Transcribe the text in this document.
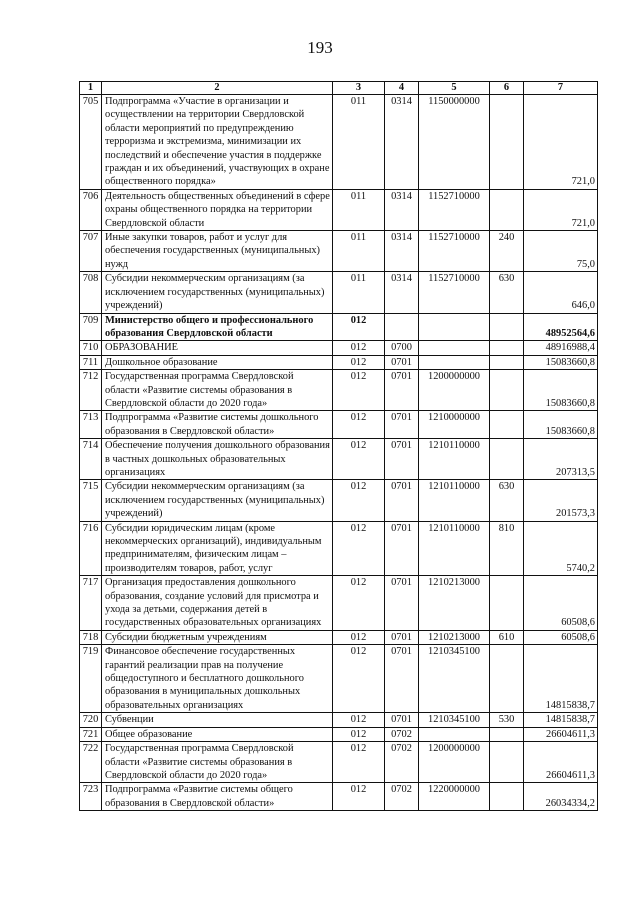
193
1	2	3	4	5	6	7
705	Подпрограмма «Участие в организации и осуществлении на территории Свердловской области мероприятий по предупреждению терроризма и экстремизма, минимизации их последствий и обеспечение участия в поддержке граждан и их объединений, участвующих в охране общественного порядка»	011	0314	1150000000		721,0
706	Деятельность общественных объединений в сфере охраны общественного порядка на территории Свердловской области	011	0314	1152710000		721,0
707	Иные закупки товаров, работ и услуг для обеспечения государственных (муниципальных) нужд	011	0314	1152710000	240	75,0
708	Субсидии некоммерческим организациям (за исключением государственных (муниципальных) учреждений)	011	0314	1152710000	630	646,0
709	Министерство общего и профессионального образования Свердловской области	012				48952564,6
710	ОБРАЗОВАНИЕ	012	0700			48916988,4
711	Дошкольное образование	012	0701			15083660,8
712	Государственная программа Свердловской области «Развитие системы образования в Свердловской области до 2020 года»	012	0701	1200000000		15083660,8
713	Подпрограмма «Развитие системы дошкольного образования в Свердловской области»	012	0701	1210000000		15083660,8
714	Обеспечение получения дошкольного образования в частных дошкольных образовательных организациях	012	0701	1210110000		207313,5
715	Субсидии некоммерческим организациям (за исключением государственных (муниципальных) учреждений)	012	0701	1210110000	630	201573,3
716	Субсидии юридическим лицам (кроме некоммерческих организаций), индивидуальным предпринимателям, физическим лицам – производителям товаров, работ, услуг	012	0701	1210110000	810	5740,2
717	Организация предоставления дошкольного образования, создание условий для присмотра и ухода за детьми, содержания детей в государственных образовательных организациях	012	0701	1210213000		60508,6
718	Субсидии бюджетным учреждениям	012	0701	1210213000	610	60508,6
719	Финансовое обеспечение государственных гарантий реализации прав на получение общедоступного и бесплатного дошкольного образования в муниципальных дошкольных образовательных организациях	012	0701	1210345100		14815838,7
720	Субвенции	012	0701	1210345100	530	14815838,7
721	Общее образование	012	0702			26604611,3
722	Государственная программа Свердловской области «Развитие системы образования в Свердловской области до 2020 года»	012	0702	1200000000		26604611,3
723	Подпрограмма «Развитие системы общего образования в Свердловской области»	012	0702	1220000000		26034334,2
